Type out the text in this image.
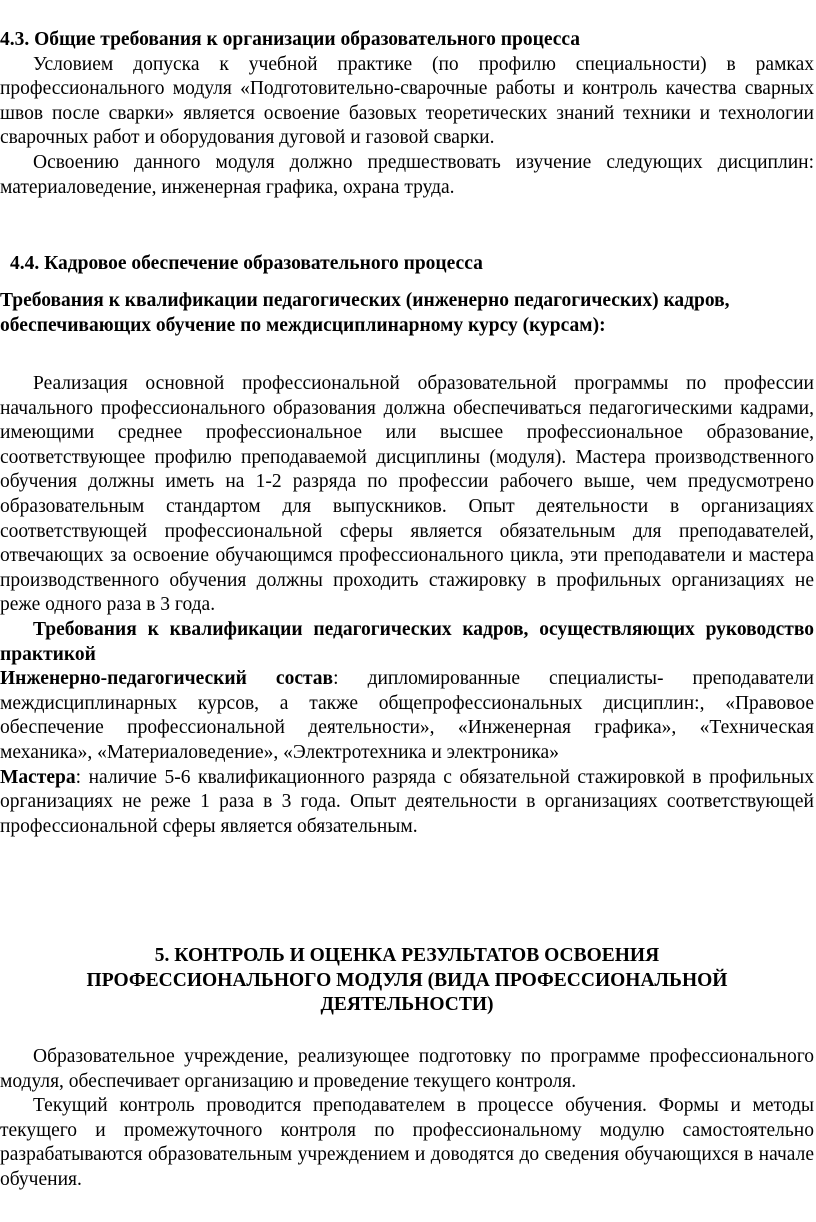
4.3. Общие требования к организации образовательного процесса

Условием допуска к учебной практике (по профилю специальности) в рамках профессионального модуля «Подготовительно-сварочные работы и контроль качества сварных швов после сварки» является освоение базовых теоретических знаний техники и технологии сварочных работ и оборудования дуговой и газовой сварки.

Освоению данного модуля должно предшествовать изучение следующих дисциплин: материаловедение, инженерная графика, охрана труда.

4.4. Кадровое обеспечение образовательного процесса

Требования к квалификации педагогических (инженерно педагогических) кадров, обеспечивающих обучение по междисциплинарному курсу (курсам):

Реализация основной профессиональной образовательной программы по профессии начального профессионального образования должна обеспечиваться педагогическими кадрами, имеющими среднее профессиональное или высшее профессиональное образование, соответствующее профилю преподаваемой дисциплины (модуля). Мастера производственного обучения должны иметь на 1-2 разряда по профессии рабочего выше, чем предусмотрено образовательным стандартом для выпускников. Опыт деятельности в организациях соответствующей профессиональной сферы является обязательным для преподавателей, отвечающих за освоение обучающимся профессионального цикла, эти преподаватели и мастера производственного обучения должны проходить стажировку в профильных организациях не реже одного раза в 3 года.

Требования к квалификации педагогических кадров, осуществляющих руководство практикой

Инженерно-педагогический состав: дипломированные специалисты- преподаватели междисциплинарных курсов, а также общепрофессиональных дисциплин:, «Правовое обеспечение профессиональной деятельности», «Инженерная графика», «Техническая механика», «Материаловедение», «Электротехника и электроника»

Мастера: наличие 5-6 квалификационного разряда с обязательной стажировкой в профильных организациях не реже 1 раза в 3 года. Опыт деятельности в организациях соответствующей профессиональной сферы является обязательным.

5. КОНТРОЛЬ И ОЦЕНКА РЕЗУЛЬТАТОВ ОСВОЕНИЯ

ПРОФЕССИОНАЛЬНОГО МОДУЛЯ (ВИДА ПРОФЕССИОНАЛЬНОЙ

ДЕЯТЕЛЬНОСТИ)

Образовательное учреждение, реализующее подготовку по программе профессионального модуля, обеспечивает организацию и проведение текущего контроля.

Текущий контроль проводится преподавателем в процессе обучения. Формы и методы текущего и промежуточного контроля по профессиональному модулю самостоятельно разрабатываются образовательным учреждением и доводятся до сведения обучающихся в начале обучения.
